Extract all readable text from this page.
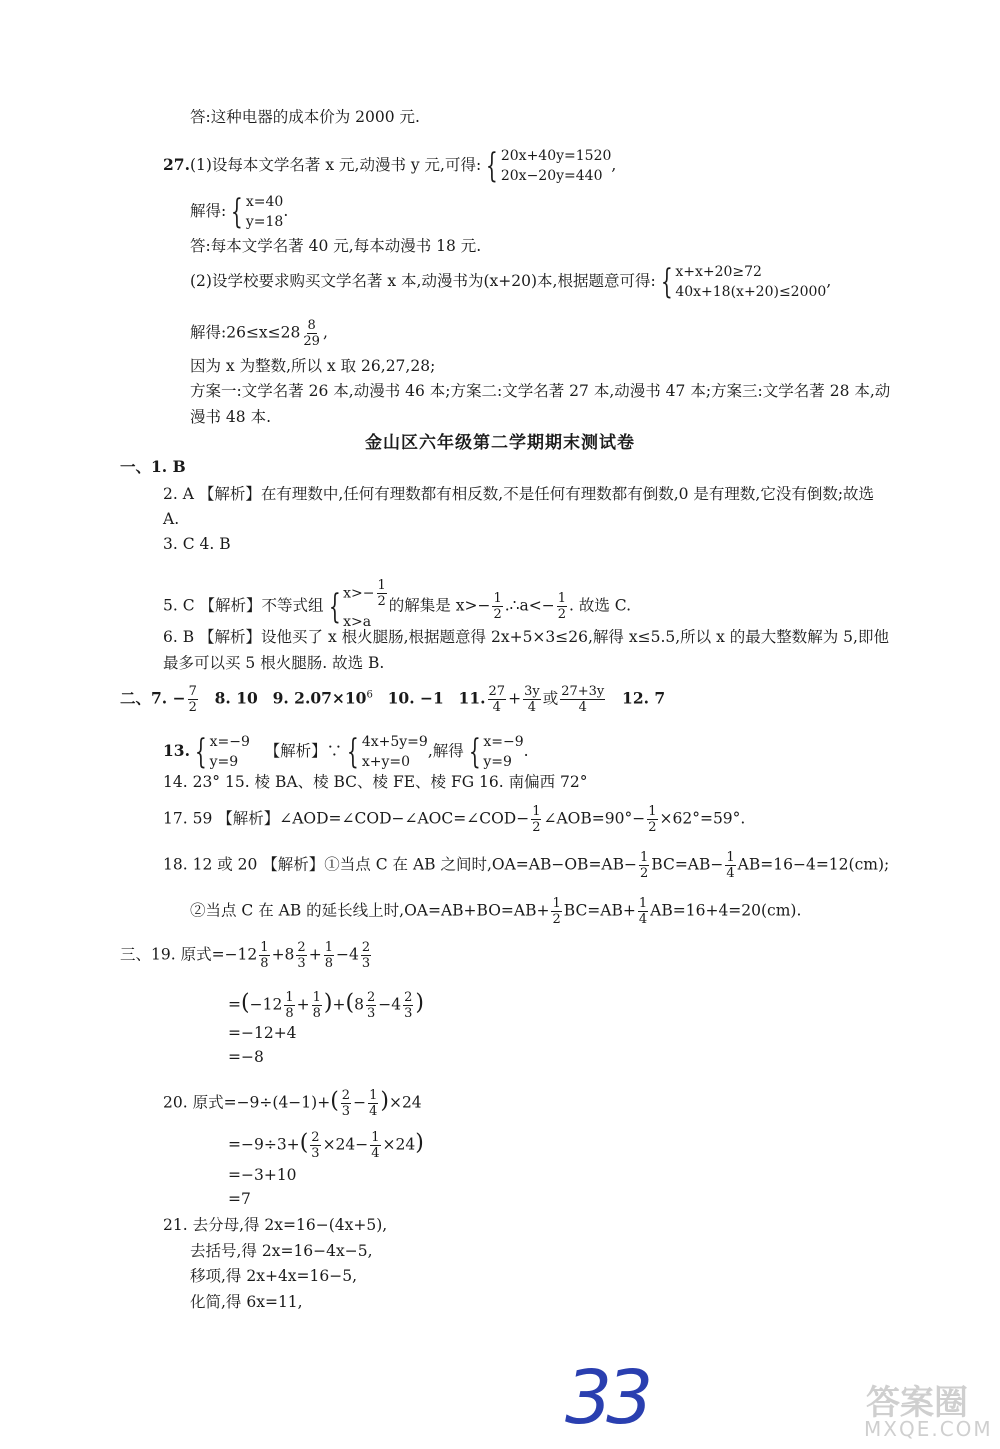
答:这种电器的成本价为 2000 元.
27.(1)设每本文学名著 x 元,动漫书 y 元,可得: { 20x+40y=1520
20x−20y=440
,
解得: { x=40
y=18
.
答:每本文学名著 40 元,每本动漫书 18 元.
(2)设学校要求购买文学名著 x 本,动漫书为(x+20)本,根据题意可得: { x+x+20≥72
40x+18(x+20)≤2000
,
解得:26≤x≤28 $\frac{8}{29}$ ,
因为 x 为整数,所以 x 取 26,27,28;
方案一:文学名著 26 本,动漫书 46 本;方案二:文学名著 27 本,动漫书 47 本;方案三:文学名著 28 本,动
漫书 48 本.
金山区六年级第二学期期末测试卷
一、1. B
2. A 【解析】在有理数中,任何有理数都有相反数,不是任何有理数都有倒数,0 是有理数,它没有倒数;故选
A.
3. C 4. B
5. C 【解析】不等式组 { $x>- \frac{1}{2}$
x>a
的解集是 $x>- \frac{1}{2}$ .∴a<− $\frac{1}{2}$ . 故选 C.
6. B 【解析】设他买了 x 根火腿肠,根据题意得 2x+5×3≤26,解得 x≤5.5,所以 x 的最大整数解为 5,即他
最多可以买 5 根火腿肠. 故选 B.
二、7. − $\frac{7}{2} 8$. 10 9. $2.07\times 10^6$ 10. −1 11. $\frac{27}{4} + \frac{3y}{4}$ 或 $\frac{27+3y}{4} 12$. 7
13. { x=−9
y=9
【解析】∵ { 4x+5y=9
x+y=0
,解得 { x=−9
y=9
.
14. 23° 15. 棱 BA、棱 BC、棱 FE、棱 FG 16. 南偏西 72°
17. 59 【解析】∠AOD=∠COD−∠AOC=∠COD− $\frac{1}{2}$ ∠AOB=90°− $\frac{1}{2} \times 62^\circ=59^\circ$.
18. 12 或 20 【解析】①当点 C 在 AB 之间时$,OA=AB-OB=AB- \frac{1}{2} BC=AB- \frac{1}{4} AB=16-4=12(cm)$;
②当点 C 在 AB 的延长线上时$,OA=AB+BO=AB+ \frac{1}{2} BC=AB+ \frac{1}{4} AB=16+4=20(cm)$.
三、19. 原式$=-12 \frac{1}{8} +8 \frac{2}{3} + \frac{1}{8} -4 \frac{2}{3}$
$=(-12 \frac{1}{8} + \frac{1}{8} )+(8 \frac{2}{3} -4 \frac{2}{3}$ )
=−12+4
=−8
20. 原式$=-9\div(4-1)+( \frac{2}{3} - \frac{1}{4} )\times 24$
$=-9\div 3+( \frac{2}{3} \times 24- \frac{1}{4} \times 24)$
=−3+10
=7
21. 去分母,得 2x=16−(4x+5),
去括号,得 2x=16−4x−5,
移项,得 2x+4x=16−5,
化简,得 6x=11,
33	答案圈
MXQE.COM
